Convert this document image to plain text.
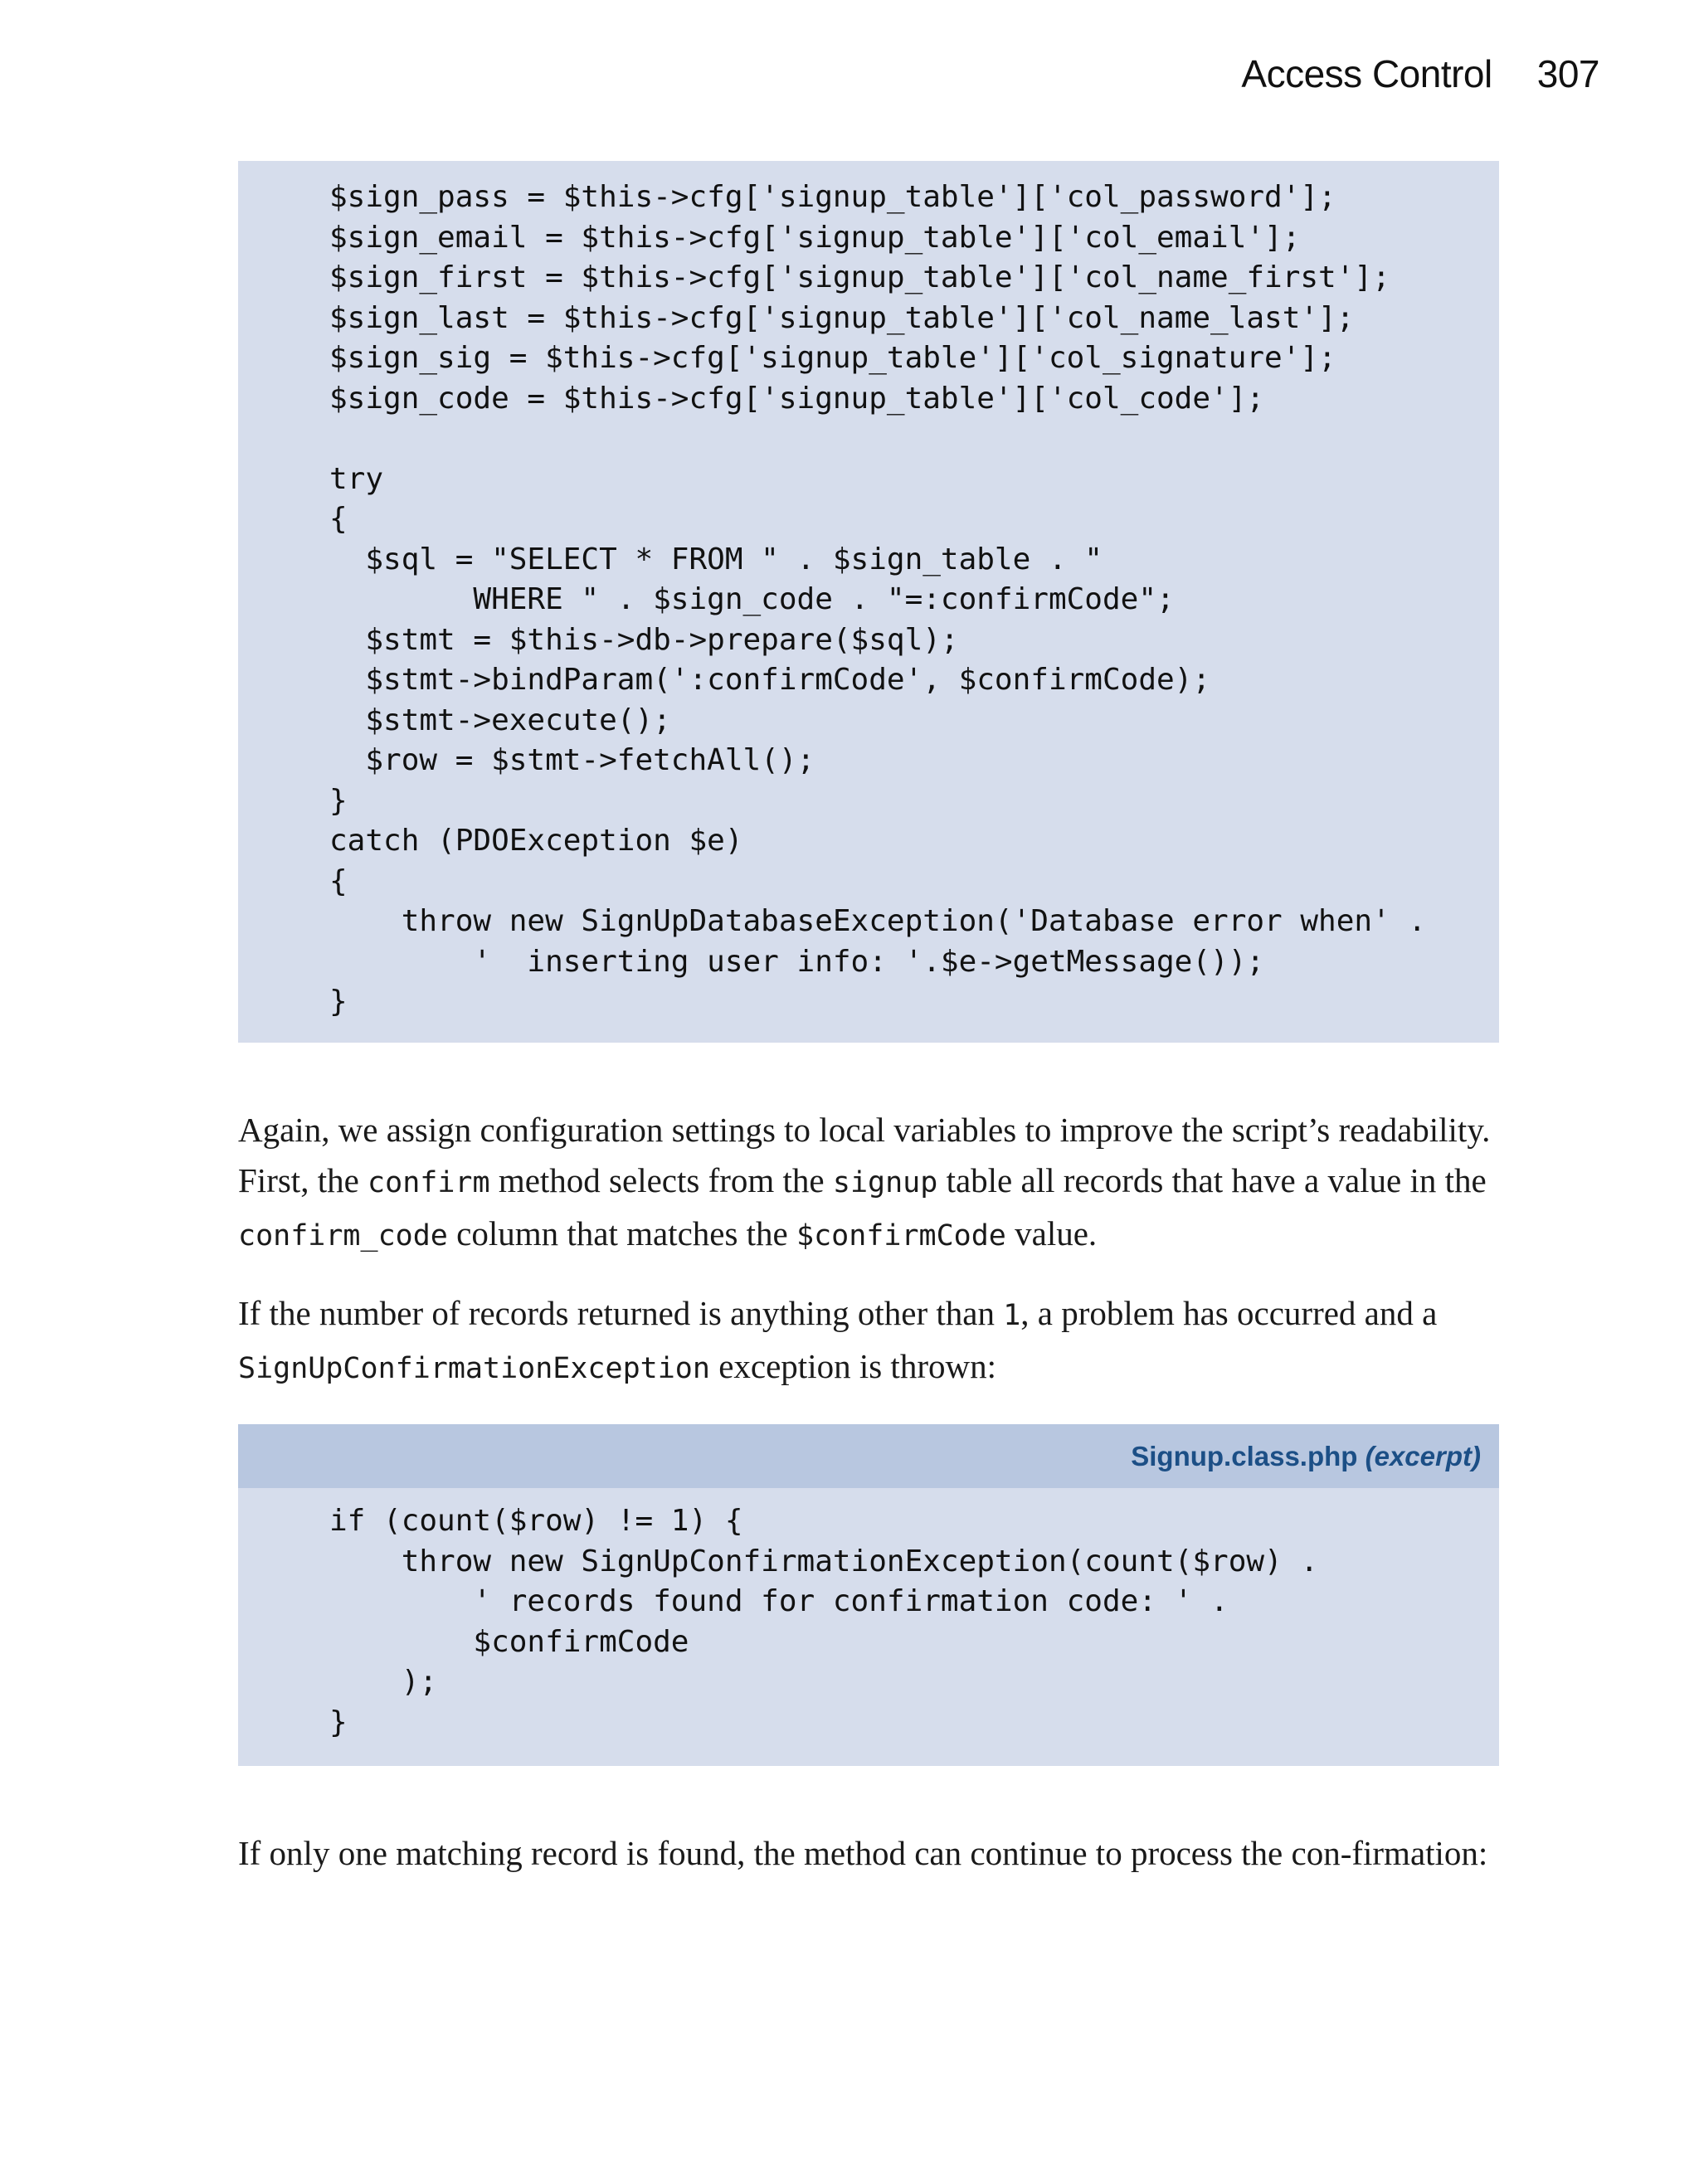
Access Control 307
$sign_pass = $this->cfg['signup_table']['col_password'];
$sign_email = $this->cfg['signup_table']['col_email'];
$sign_first = $this->cfg['signup_table']['col_name_first'];
$sign_last = $this->cfg['signup_table']['col_name_last'];
$sign_sig = $this->cfg['signup_table']['col_signature'];
$sign_code = $this->cfg['signup_table']['col_code'];

try
{
$sql = "SELECT * FROM " . $sign_table . "
WHERE " . $sign_code . "=:confirmCode";
$stmt = $this->db->prepare($sql);
$stmt->bindParam(':confirmCode', $confirmCode);
$stmt->execute();
$row = $stmt->fetchAll();
}
catch (PDOException $e)
{
throw new SignUpDatabaseException('Database error when' .
'  inserting user info: '.$e->getMessage());
}

Again, we assign configuration settings to local variables to improve the script’s readability. First, the confirm method selects from the signup table all records that have a value in the confirm_code column that matches the $confirmCode value.

If the number of records returned is anything other than 1, a problem has occurred and a SignUpConfirmationException exception is thrown:

Signup.class.php (excerpt)
if (count($row) != 1) {
throw new SignUpConfirmationException(count($row) .
' records found for confirmation code: ' .
$confirmCode
);
}

If only one matching record is found, the method can continue to process the con-firmation:
